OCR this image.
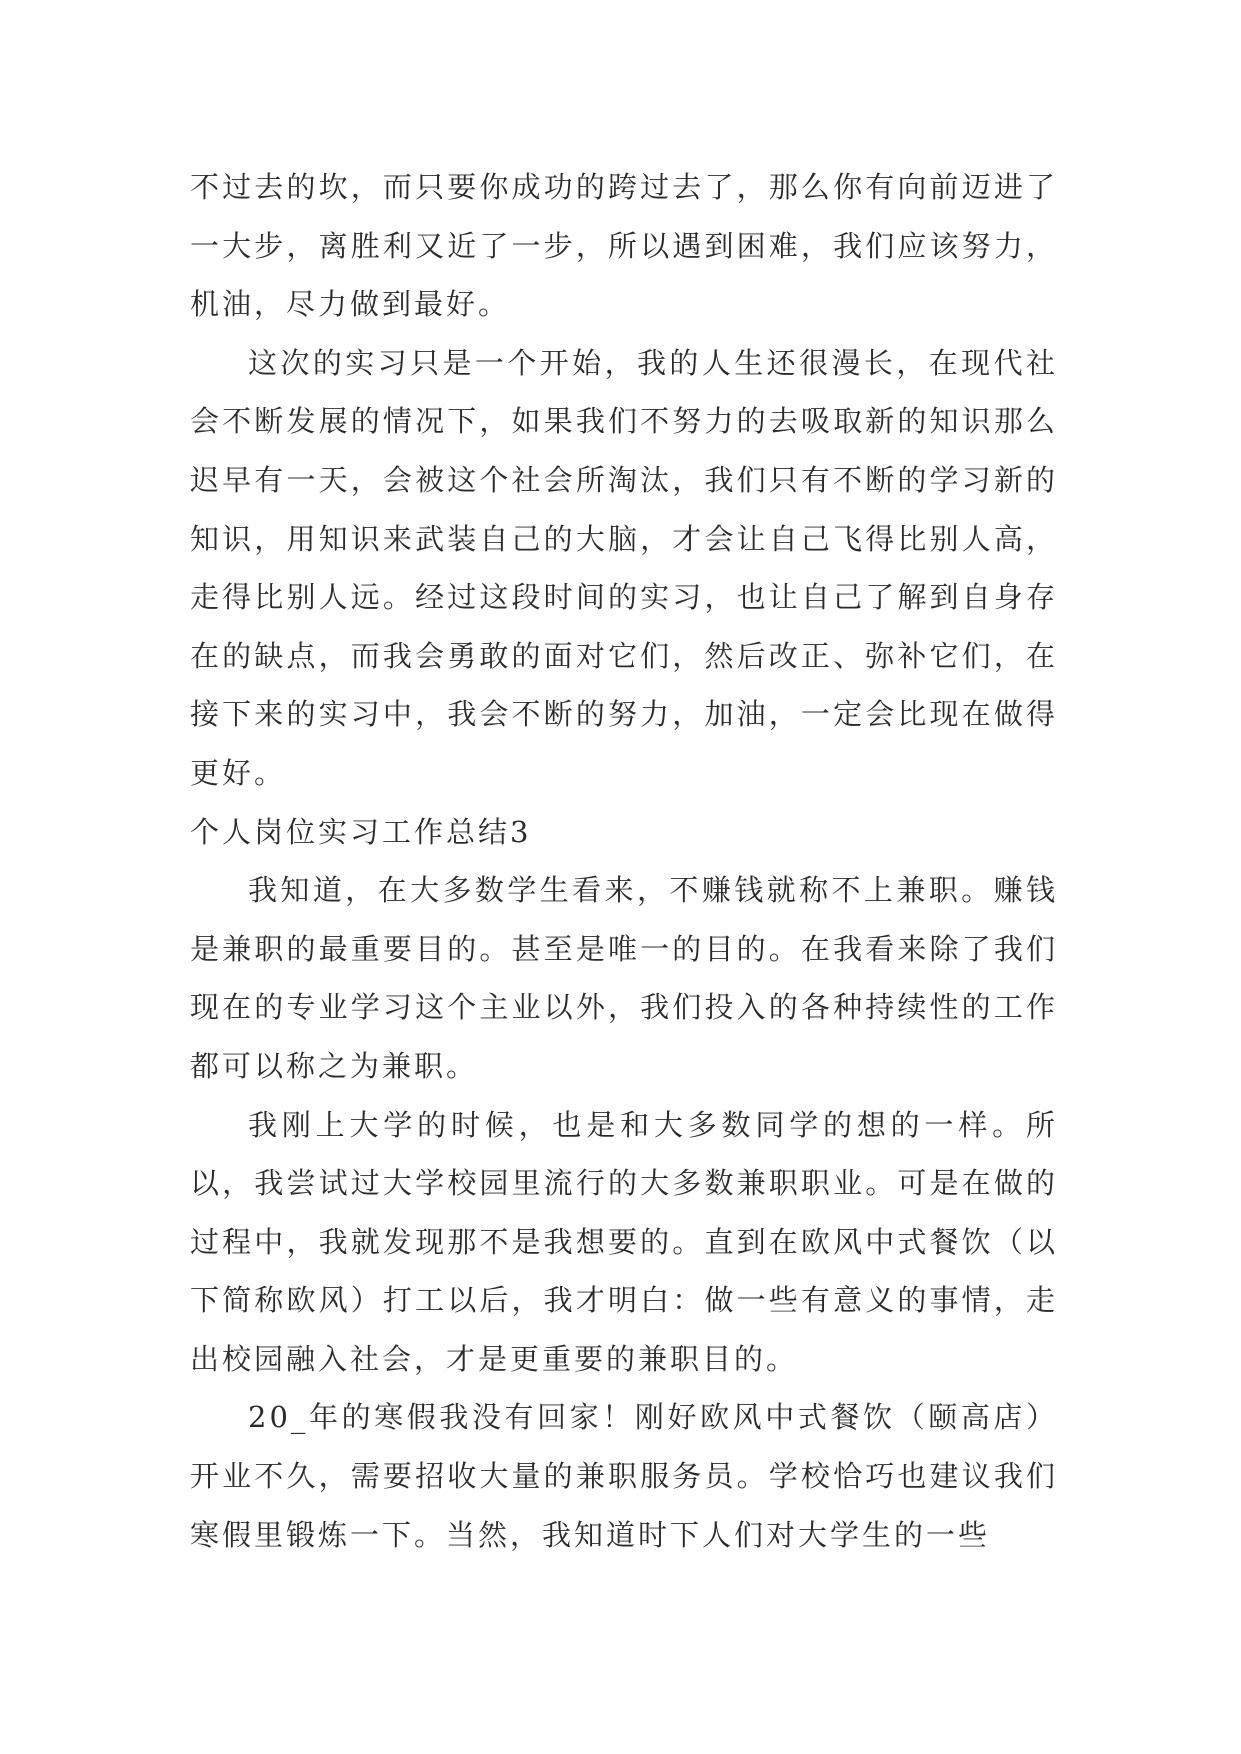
不过去的坎，而只要你成功的跨过去了，那么你有向前迈进了一大步，离胜利又近了一步，所以遇到困难，我们应该努力，机油，尽力做到最好。

这次的实习只是一个开始，我的人生还很漫长，在现代社会不断发展的情况下，如果我们不努力的去吸取新的知识那么迟早有一天，会被这个社会所淘汰，我们只有不断的学习新的知识，用知识来武装自己的大脑，才会让自己飞得比别人高，走得比别人远。经过这段时间的实习，也让自己了解到自身存在的缺点，而我会勇敢的面对它们，然后改正、弥补它们，在接下来的实习中，我会不断的努力，加油，一定会比现在做得更好。

个人岗位实习工作总结3

我知道，在大多数学生看来，不赚钱就称不上兼职。赚钱是兼职的最重要目的。甚至是唯一的目的。在我看来除了我们现在的专业学习这个主业以外，我们投入的各种持续性的工作都可以称之为兼职。

我刚上大学的时候，也是和大多数同学的想的一样。所以，我尝试过大学校园里流行的大多数兼职职业。可是在做的过程中，我就发现那不是我想要的。直到在欧风中式餐饮（以下简称欧风）打工以后，我才明白：做一些有意义的事情，走出校园融入社会，才是更重要的兼职目的。

20_年的寒假我没有回家！刚好欧风中式餐饮（颐高店）开业不久，需要招收大量的兼职服务员。学校恰巧也建议我们寒假里锻炼一下。当然，我知道时下人们对大学生的一些
